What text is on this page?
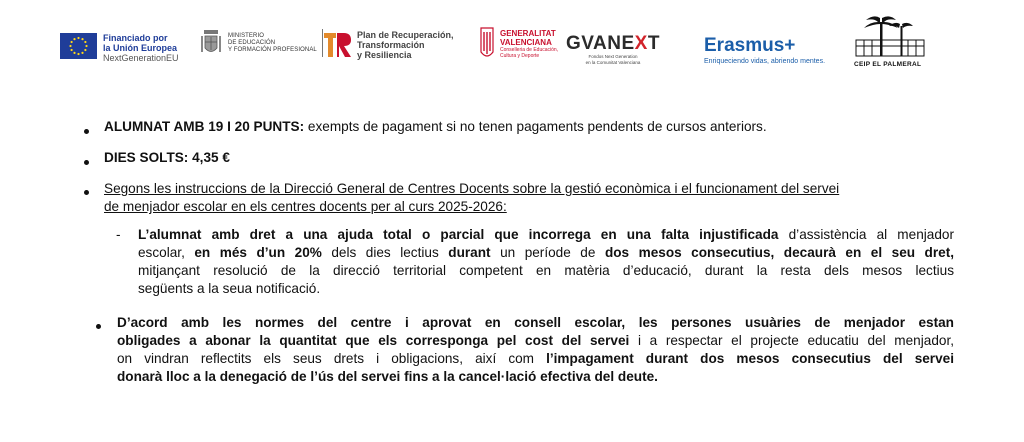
Financiado por
la Unión Europea
NextGenerationEU
MINISTERIO
DE EDUCACIÓN
Y FORMACIÓN PROFESIONAL
Plan de Recuperación,
Transformación
y Resiliencia
GENERALITAT
VALENCIANA
Conselleria de Educación,
Cultura y Deporte
GVANEXT
Fondos Next Generation
en la Comunitat Valenciana
Erasmus+
Enriqueciendo vidas, abriendo mentes.	CEIP EL PALMERAL
ALUMNAT AMB 19 I 20 PUNTS: exempts de pagament si no tenen pagaments pendents de cursos anteriors.
DIES SOLTS: 4,35 €
Segons les instruccions de la Direcció General de Centres Docents sobre la gestió econòmica i el funcionament del servei
de menjador escolar en els centres docents per al curs 2025-2026:
- L’alumnat amb dret a una ajuda total o parcial que incorrega en una falta injustificada d’assistència al menjador
escolar, en més d’un 20% dels dies lectius durant un període de dos mesos consecutius, decaurà en el seu dret,
mitjançant resolució de la direcció territorial competent en matèria d’educació, durant la resta dels mesos lectius
següents a la seua notificació.
D’acord amb les normes del centre i aprovat en consell escolar, les persones usuàries de menjador estan
obligades a abonar la quantitat que els correspongа pel cost del servei i a respectar el projecte educatiu del menjador,
on vindran reflectits els seus drets i obligacions, així com l’impagament durant dos mesos consecutius del servei
donarà lloc a la denegació de l’ús del servei fins a la cancel·lació efectiva del deute.
